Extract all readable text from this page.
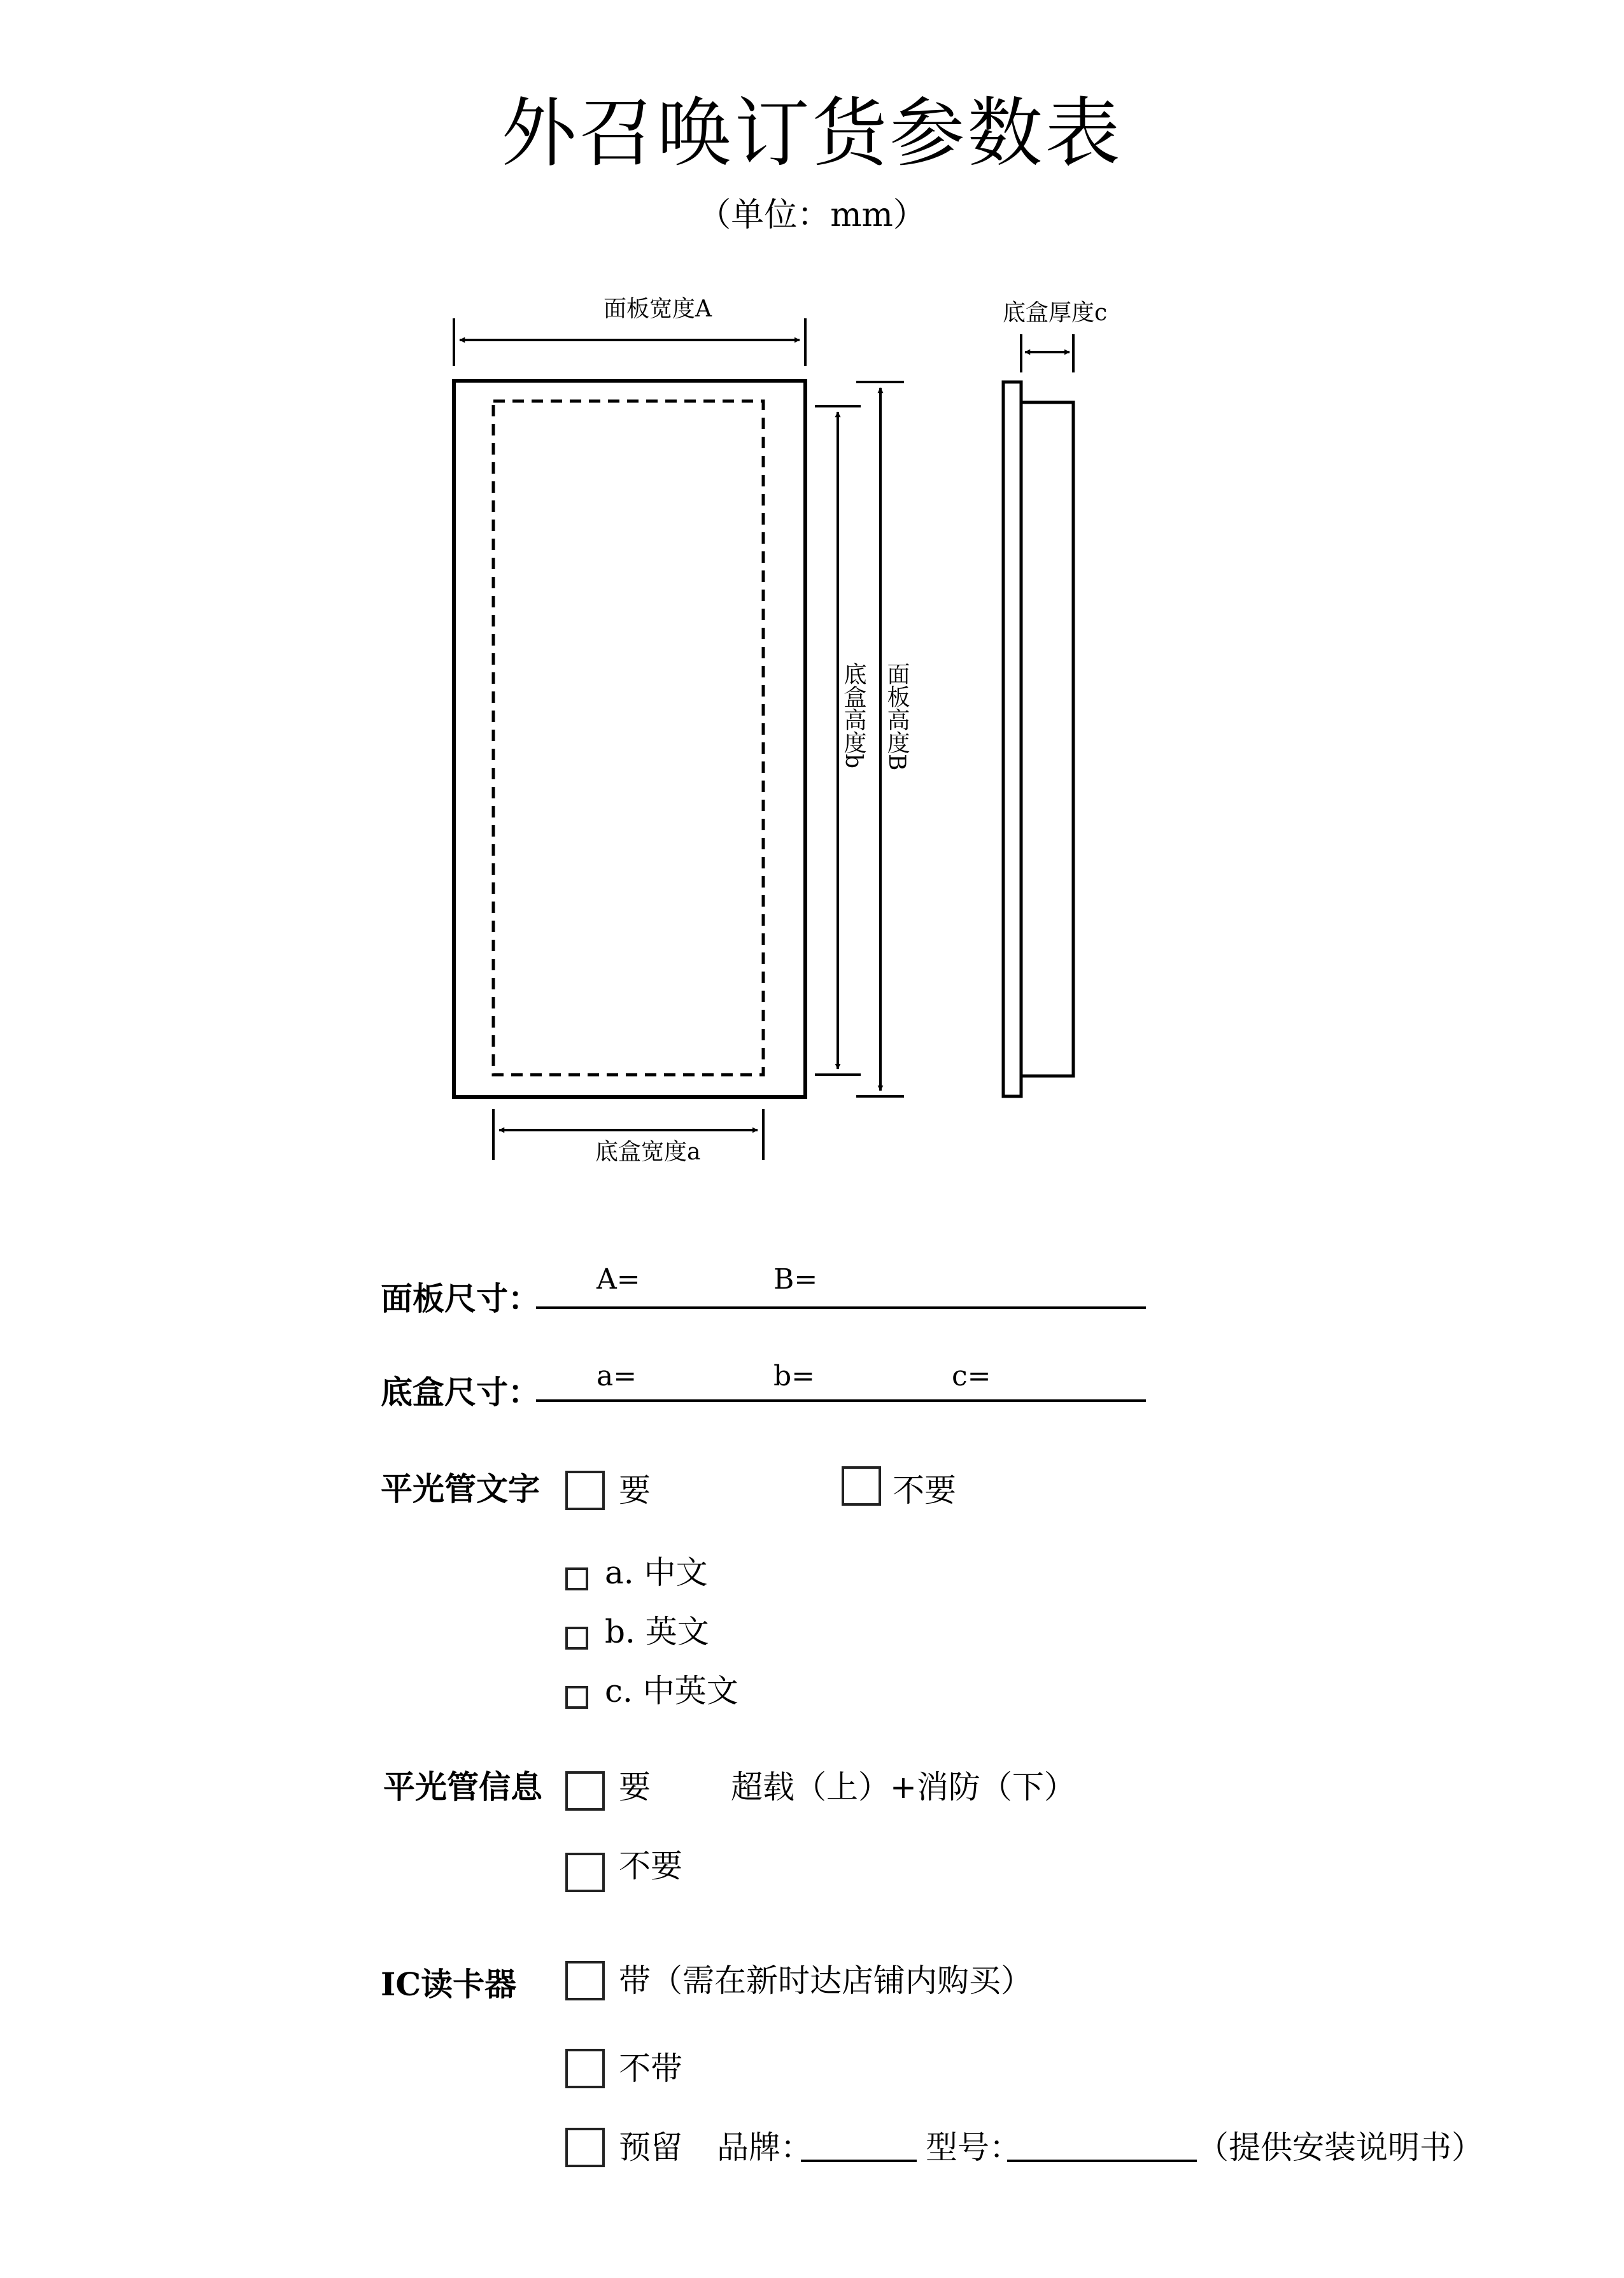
外召唤订货参数表
（单位：mm）
面板宽度A	底盒厚度c
底盒高度b 面板高度B
底盒宽度a
面板尺寸：
A=	B=
底盒尺寸： a=	b=	c=
平光管文字 要	不要
a. 中文
b. 英文
c. 中英文
平光管信息 要	超载（上）+消防（下）
不要
IC读卡器	带（需在新时达店铺内购买）
不带
预留 品牌：	型号：	（提供安装说明书）
